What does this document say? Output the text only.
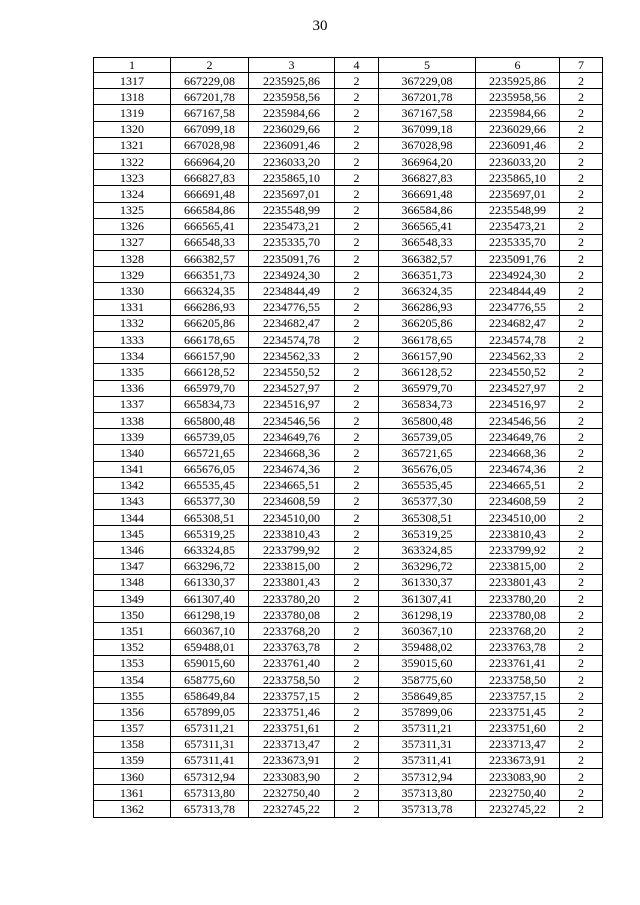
30
1	2	3	4	5	6	7
1317	667229,08	2235925,86	2	367229,08	2235925,86	2
1318	667201,78	2235958,56	2	367201,78	2235958,56	2
1319	667167,58	2235984,66	2	367167,58	2235984,66	2
1320	667099,18	2236029,66	2	367099,18	2236029,66	2
1321	667028,98	2236091,46	2	367028,98	2236091,46	2
1322	666964,20	2236033,20	2	366964,20	2236033,20	2
1323	666827,83	2235865,10	2	366827,83	2235865,10	2
1324	666691,48	2235697,01	2	366691,48	2235697,01	2
1325	666584,86	2235548,99	2	366584,86	2235548,99	2
1326	666565,41	2235473,21	2	366565,41	2235473,21	2
1327	666548,33	2235335,70	2	366548,33	2235335,70	2
1328	666382,57	2235091,76	2	366382,57	2235091,76	2
1329	666351,73	2234924,30	2	366351,73	2234924,30	2
1330	666324,35	2234844,49	2	366324,35	2234844,49	2
1331	666286,93	2234776,55	2	366286,93	2234776,55	2
1332	666205,86	2234682,47	2	366205,86	2234682,47	2
1333	666178,65	2234574,78	2	366178,65	2234574,78	2
1334	666157,90	2234562,33	2	366157,90	2234562,33	2
1335	666128,52	2234550,52	2	366128,52	2234550,52	2
1336	665979,70	2234527,97	2	365979,70	2234527,97	2
1337	665834,73	2234516,97	2	365834,73	2234516,97	2
1338	665800,48	2234546,56	2	365800,48	2234546,56	2
1339	665739,05	2234649,76	2	365739,05	2234649,76	2
1340	665721,65	2234668,36	2	365721,65	2234668,36	2
1341	665676,05	2234674,36	2	365676,05	2234674,36	2
1342	665535,45	2234665,51	2	365535,45	2234665,51	2
1343	665377,30	2234608,59	2	365377,30	2234608,59	2
1344	665308,51	2234510,00	2	365308,51	2234510,00	2
1345	665319,25	2233810,43	2	365319,25	2233810,43	2
1346	663324,85	2233799,92	2	363324,85	2233799,92	2
1347	663296,72	2233815,00	2	363296,72	2233815,00	2
1348	661330,37	2233801,43	2	361330,37	2233801,43	2
1349	661307,40	2233780,20	2	361307,41	2233780,20	2
1350	661298,19	2233780,08	2	361298,19	2233780,08	2
1351	660367,10	2233768,20	2	360367,10	2233768,20	2
1352	659488,01	2233763,78	2	359488,02	2233763,78	2
1353	659015,60	2233761,40	2	359015,60	2233761,41	2
1354	658775,60	2233758,50	2	358775,60	2233758,50	2
1355	658649,84	2233757,15	2	358649,85	2233757,15	2
1356	657899,05	2233751,46	2	357899,06	2233751,45	2
1357	657311,21	2233751,61	2	357311,21	2233751,60	2
1358	657311,31	2233713,47	2	357311,31	2233713,47	2
1359	657311,41	2233673,91	2	357311,41	2233673,91	2
1360	657312,94	2233083,90	2	357312,94	2233083,90	2
1361	657313,80	2232750,40	2	357313,80	2232750,40	2
1362	657313,78	2232745,22	2	357313,78	2232745,22	2
